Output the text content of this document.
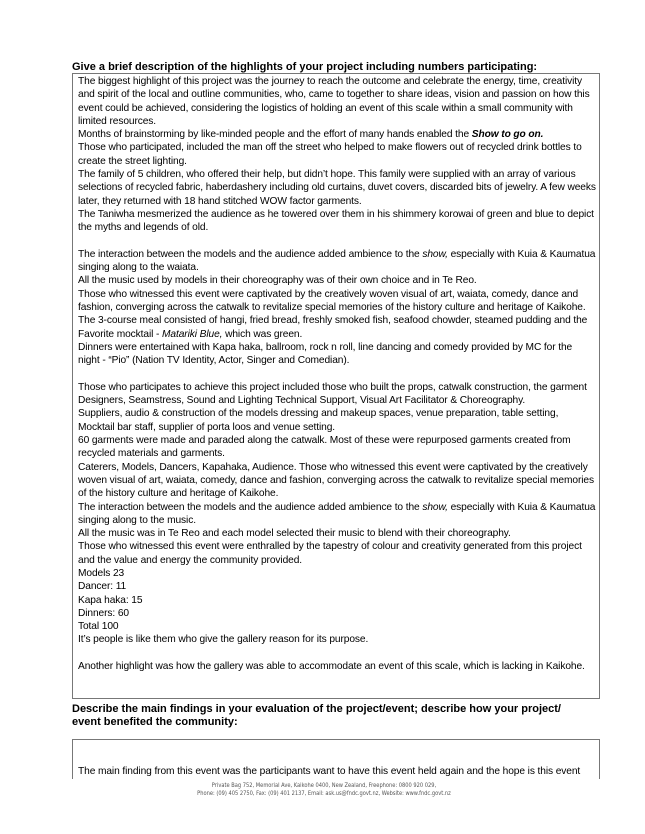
Give a brief description of the highlights of your project including numbers participating:

The biggest highlight of this project was the journey to reach the outcome and celebrate the energy, time, creativity and spirit of the local and outline communities, who, came to together to share ideas, vision and passion on how this event could be achieved, considering the logistics of holding an event of this scale within a small community with limited resources.

Months of brainstorming by like-minded people and the effort of many hands enabled the Show to go on.

Those who participated, included the man off the street who helped to make flowers out of recycled drink bottles to create the street lighting.

The family of 5 children, who offered their help, but didn’t hope. This family were supplied with an array of various selections of recycled fabric, haberdashery including old curtains, duvet covers, discarded bits of jewelry. A few weeks later, they returned with 18 hand stitched WOW factor garments.

The Taniwha mesmerized the audience as he towered over them in his shimmery korowai of green and blue to depict the myths and legends of old.

The interaction between the models and the audience added ambience to the show, especially with Kuia & Kaumatua singing along to the waiata.

All the music used by models in their choreography was of their own choice and in Te Reo.

Those who witnessed this event were captivated by the creatively woven visual of art, waiata, comedy, dance and fashion, converging across the catwalk to revitalize special memories of the history culture and heritage of Kaikohe.

The 3-course meal consisted of hangi, fried bread, freshly smoked fish, seafood chowder, steamed pudding and the Favorite mocktail - Matariki Blue, which was green.

Dinners were entertained with Kapa haka, ballroom, rock n roll, line dancing and comedy provided by MC for the night - “Pio” (Nation TV Identity, Actor, Singer and Comedian).

Those who participates to achieve this project included those who built the props, catwalk construction, the garment Designers, Seamstress, Sound and Lighting Technical Support, Visual Art Facilitator & Choreography.

Suppliers, audio & construction of the models dressing and makeup spaces, venue preparation, table setting, Mocktail bar staff, supplier of porta loos and venue setting.

60 garments were made and paraded along the catwalk. Most of these were repurposed garments created from recycled materials and garments.

Caterers, Models, Dancers, Kapahaka, Audience. Those who witnessed this event were captivated by the creatively woven visual of art, waiata, comedy, dance and fashion, converging across the catwalk to revitalize special memories of the history culture and heritage of Kaikohe.

The interaction between the models and the audience added ambience to the show, especially with Kuia & Kaumatua singing along to the music.

All the music was in Te Reo and each model selected their music to blend with their choreography.

Those who witnessed this event were enthralled by the tapestry of colour and creativity generated from this project and the value and energy the community provided.

Models 23

Dancer: 11

Kapa haka: 15

Dinners: 60

Total 100

It’s people is like them who give the gallery reason for its purpose.

Another highlight was how the gallery was able to accommodate an event of this scale, which is lacking in Kaikohe.

Describe the main findings in your evaluation of the project/event; describe how your project/ event benefited the community:
The main finding from this event was the participants want to have this event held again and the hope is this event
Private Bag 752, Memorial Ave, Kaikohe 0400, New Zealand, Freephone: 0800 920 029,
Phone: (09) 405 2750, Fax: (09) 401 2137, Email: ask.us@fndc.govt.nz, Website: www.fndc.govt.nz
